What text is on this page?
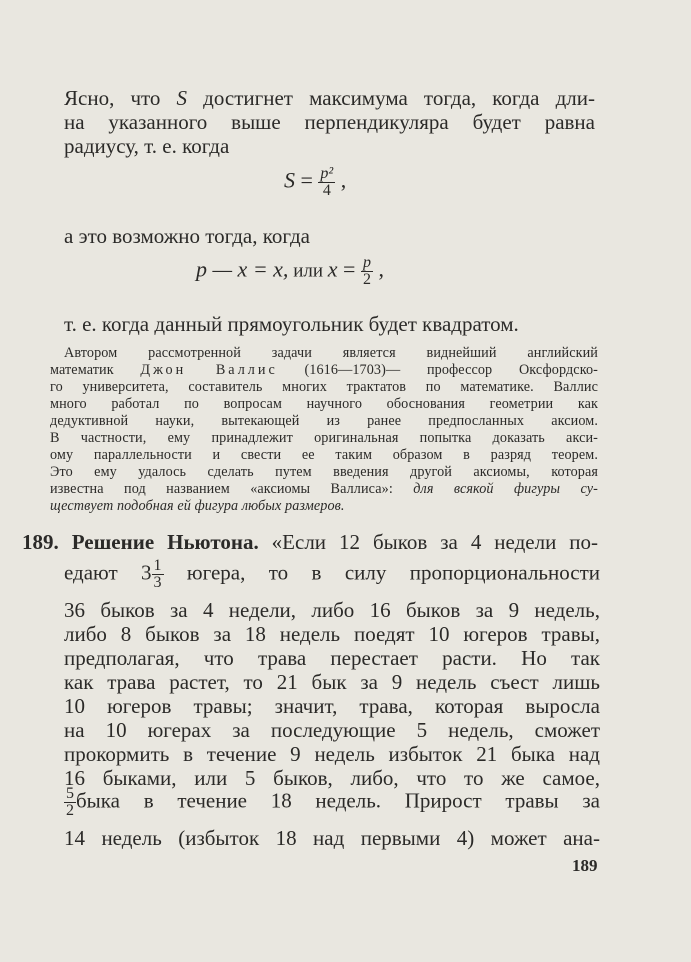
Ясно, что S достигнет максимума тогда, когда дли-
на указанного выше перпендикуляра будет равна
радиусу, т. е. когда
$S = \frac{\text{p²}}{4}$ ,
а это возможно тогда, когда
p — x = x, или $x = \frac{p}{2}$ ,
т. е. когда данный прямоугольник будет квадратом.
Автором рассмотренной задачи является виднейший английский
математик Джон Валлис (1616—1703)— профессор Оксфордско-
го университета, составитель многих трактатов по математике. Валлис
много работал по вопросам научного обоснования геометрии как
дедуктивной науки, вытекающей из ранее предпосланных аксиом.
В частности, ему принадлежит оригинальная попытка доказать акси-
ому параллельности и свести ее таким образом в разряд теорем.
Это ему удалось сделать путем введения другой аксиомы, которая
известна под названием «аксиомы Валлиса»: для всякой фигуры су-
ществует подобная ей фигура любых размеров.
189. Решение Ньютона. «Если 12 быков за 4 недели по-
едают $3 \frac{1}{3}$ югера, то в силу пропорциональности
36 быков за 4 недели, либо 16 быков за 9 недель,
либо 8 быков за 18 недель поедят 10 югеров травы,
предполагая, что трава перестает расти. Но так
как трава растет, то 21 бык за 9 недель съест лишь
10 югеров травы; значит, трава, которая выросла
на 10 югерах за последующие 5 недель, сможет
прокормить в течение 9 недель избыток 21 быка над
16 быками, или 5 быков, либо, что то же самое,
$\frac{5}{2}$ быка в течение 18 недель. Прирост травы за
14 недель (избыток 18 над первыми 4) может ана-
189
